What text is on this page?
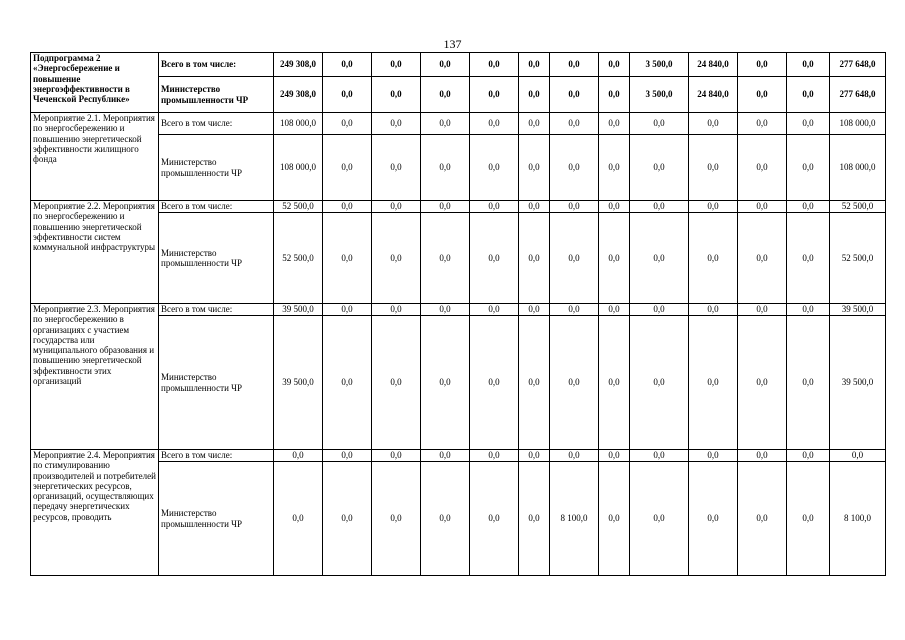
137
Подпрограмма 2 «Энергосбережение и повышение энергоэффективности в Чеченской Республике»	Всего в том числе:	249 308,0	0,0	0,0	0,0	0,0	0,0	0,0	0,0	3 500,0	24 840,0	0,0	0,0	277 648,0
	Министерство промышленности ЧР	249 308,0	0,0	0,0	0,0	0,0	0,0	0,0	0,0	3 500,0	24 840,0	0,0	0,0	277 648,0
Мероприятие 2.1. Мероприятия по энергосбережению и повышению энергетической эффективности жилищного фонда	Всего в том числе:	108 000,0	0,0	0,0	0,0	0,0	0,0	0,0	0,0	0,0	0,0	0,0	0,0	108 000,0
	Министерство промышленности ЧР	108 000,0	0,0	0,0	0,0	0,0	0,0	0,0	0,0	0,0	0,0	0,0	0,0	108 000,0
Мероприятие 2.2. Мероприятия по энергосбережению и повышению энергетической эффективности систем коммунальной инфраструктуры	Всего в том числе:	52 500,0	0,0	0,0	0,0	0,0	0,0	0,0	0,0	0,0	0,0	0,0	0,0	52 500,0
	Министерство промышленности ЧР	52 500,0	0,0	0,0	0,0	0,0	0,0	0,0	0,0	0,0	0,0	0,0	0,0	52 500,0
Мероприятие 2.3. Мероприятия по энергосбережению в организациях с участием государства или муниципального образования и повышению энергетической эффективности этих организаций	Всего в том числе:	39 500,0	0,0	0,0	0,0	0,0	0,0	0,0	0,0	0,0	0,0	0,0	0,0	39 500,0
	Министерство промышленности ЧР	39 500,0	0,0	0,0	0,0	0,0	0,0	0,0	0,0	0,0	0,0	0,0	0,0	39 500,0
Мероприятие 2.4. Мероприятия по стимулированию производителей и потребителей энергетических ресурсов, организаций, осуществляющих передачу энергетических ресурсов, проводить	Всего в том числе:	0,0	0,0	0,0	0,0	0,0	0,0	0,0	0,0	0,0	0,0	0,0	0,0	0,0
	Министерство промышленности ЧР	0,0	0,0	0,0	0,0	0,0	0,0	8 100,0	0,0	0,0	0,0	0,0	0,0	8 100,0
